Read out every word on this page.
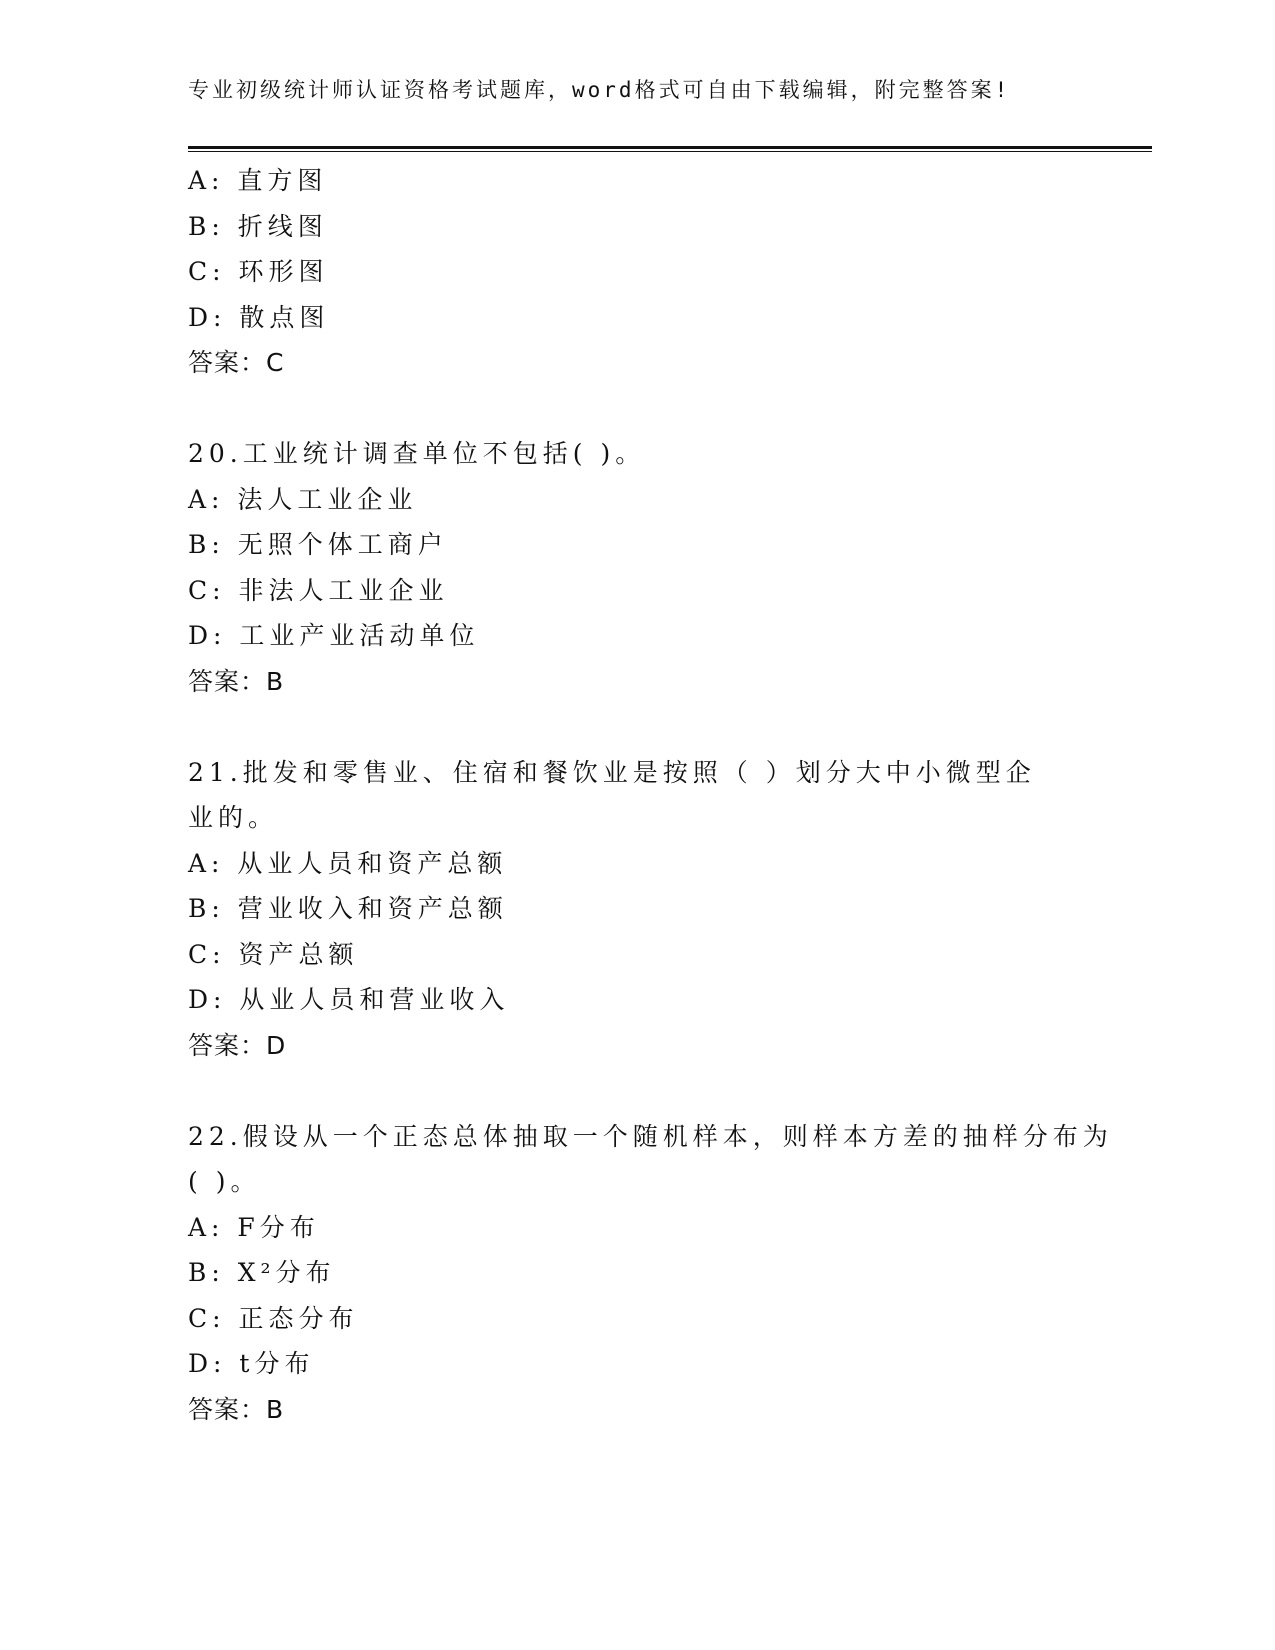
专业初级统计师认证资格考试题库，word格式可自由下载编辑，附完整答案!
A: 直方图
B: 折线图
C: 环形图
D: 散点图
答案：C
20.工业统计调查单位不包括( )。
A: 法人工业企业
B: 无照个体工商户
C: 非法人工业企业
D: 工业产业活动单位
答案：B
21.批发和零售业、住宿和餐饮业是按照（ ）划分大中小微型企
业的。
A: 从业人员和资产总额
B: 营业收入和资产总额
C: 资产总额
D: 从业人员和营业收入
答案：D
22.假设从一个正态总体抽取一个随机样本，则样本方差的抽样分布为
( )。
A: F分布
B: X²分布
C: 正态分布
D: t分布
答案：B
